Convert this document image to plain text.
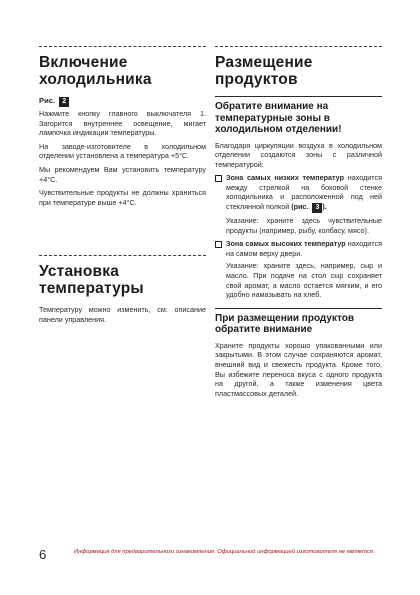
Включение холодильника
Рис. 2

Нажмите кнопку главного выключателя 1. Загорится внутреннее освещение, мигает лампочка индикации температуры.

На заводе-изготовителе в холодильном отделении установлена a температура +5°C.

Мы рекомендуем Вам установить температуру +4°C.

Чувствительные продукты не должны храниться при температуре выше +4°C.

Установка температуры

Температуру можно изменить, см. описание панели управления.

Размещение продуктов
Обратите внимание на температурные зоны в холодильном отделении!

Благодаря циркуляции воздуха в холодильном отделении создаются зоны с различной температурой:

Зона самых низких температур находится между стрелкой на боковой стенке холодильника и расположенной под ней стеклянной полкой (рис. 3 ).

Указание: храните здесь чувствительные продукты (например, рыбу, колбасу, мясо).

Зона самых высоких температур находится на самом верху двери.

Указание: храните здесь, например, сыр и масло. При подаче на стол сыр сохраняет свой аромат, а масло остается мягким, и его удобно намазывать на хлеб.

При размещении продуктов обратите внимание

Храните продукты хорошо упакованными или закрытыми. В этом случае сохраняются аромат, внешний вид и свежесть продукта. Кроме того, Вы избежите переноса вкуса с одного продукта на другой, а также изменения цвета пластмассовых деталей.

6	Информация для предварительного ознакомления. Официальной информацией изготовителя не является.
